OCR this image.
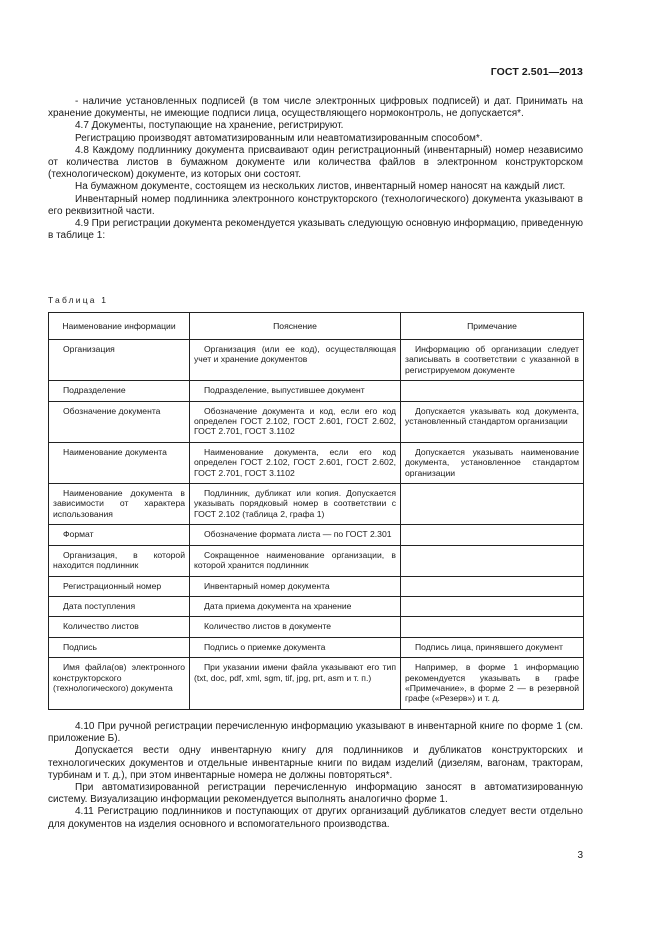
ГОСТ 2.501—2013

- наличие установленных подписей (в том числе электронных цифровых подписей) и дат. Принимать на хранение документы, не имеющие подписи лица, осуществляющего нормоконтроль, не допускается*.

4.7 Документы, поступающие на хранение, регистрируют.

Регистрацию производят автоматизированным или неавтоматизированным способом*.

4.8 Каждому подлиннику документа присваивают один регистрационный (инвентарный) номер независимо от количества листов в бумажном документе или количества файлов в электронном конструкторском (технологическом) документе, из которых они состоят.

На бумажном документе, состоящем из нескольких листов, инвентарный номер наносят на каждый лист.

Инвентарный номер подлинника электронного конструкторского (технологического) документа указывают в его реквизитной части.

4.9 При регистрации документа рекомендуется указывать следующую основную информацию, приведенную в таблице 1:

Таблица 1
Наименование информации	Пояснение	Примечание

Организация	Организация (или ее код), осуществляющая учет и хранение документов	Информацию об организации следует записывать в соответствии с указанной в регистрируемом документе

Подразделение	Подразделение, выпустившее документ	

Обозначение документа	Обозначение документа и код, если его код определен ГОСТ 2.102, ГОСТ 2.601, ГОСТ 2.602, ГОСТ 2.701, ГОСТ 3.1102	Допускается указывать код документа, установленный стандартом организации

Наименование документа	Наименование документа, если его код определен ГОСТ 2.102, ГОСТ 2.601, ГОСТ 2.602, ГОСТ 2.701, ГОСТ 3.1102	Допускается указывать наименование документа, установленное стандартом организации

Наименование документа в зависимости от характера использования	Подлинник, дубликат или копия. Допускается указывать порядковый номер в соответствии с ГОСТ 2.102 (таблица 2, графа 1)	

Формат	Обозначение формата листа — по ГОСТ 2.301	

Организация, в которой находится подлинник	Сокращенное наименование организации, в которой хранится подлинник	

Регистрационный номер	Инвентарный номер документа	

Дата поступления	Дата приема документа на хранение	

Количество листов	Количество листов в документе	

Подпись	Подпись о приемке документа	Подпись лица, принявшего документ

Имя файла(ов) электронного конструкторского (технологического) документа	При указании имени файла указывают его тип (txt, doc, pdf, xml, sgm, tif, jpg, prt, asm и т. п.)	Например, в форме 1 информацию рекомендуется указывать в графе «Примечание», в форме 2 — в резервной графе («Резерв») и т. д.

4.10 При ручной регистрации перечисленную информацию указывают в инвентарной книге по форме 1 (см. приложение Б).

Допускается вести одну инвентарную книгу для подлинников и дубликатов конструкторских и технологических документов и отдельные инвентарные книги по видам изделий (дизелям, вагонам, тракторам, турбинам и т. д.), при этом инвентарные номера не должны повторяться*.

При автоматизированной регистрации перечисленную информацию заносят в автоматизированную систему. Визуализацию информации рекомендуется выполнять аналогично форме 1.

4.11 Регистрацию подлинников и поступающих от других организаций дубликатов следует вести отдельно для документов на изделия основного и вспомогательного производства.

3
